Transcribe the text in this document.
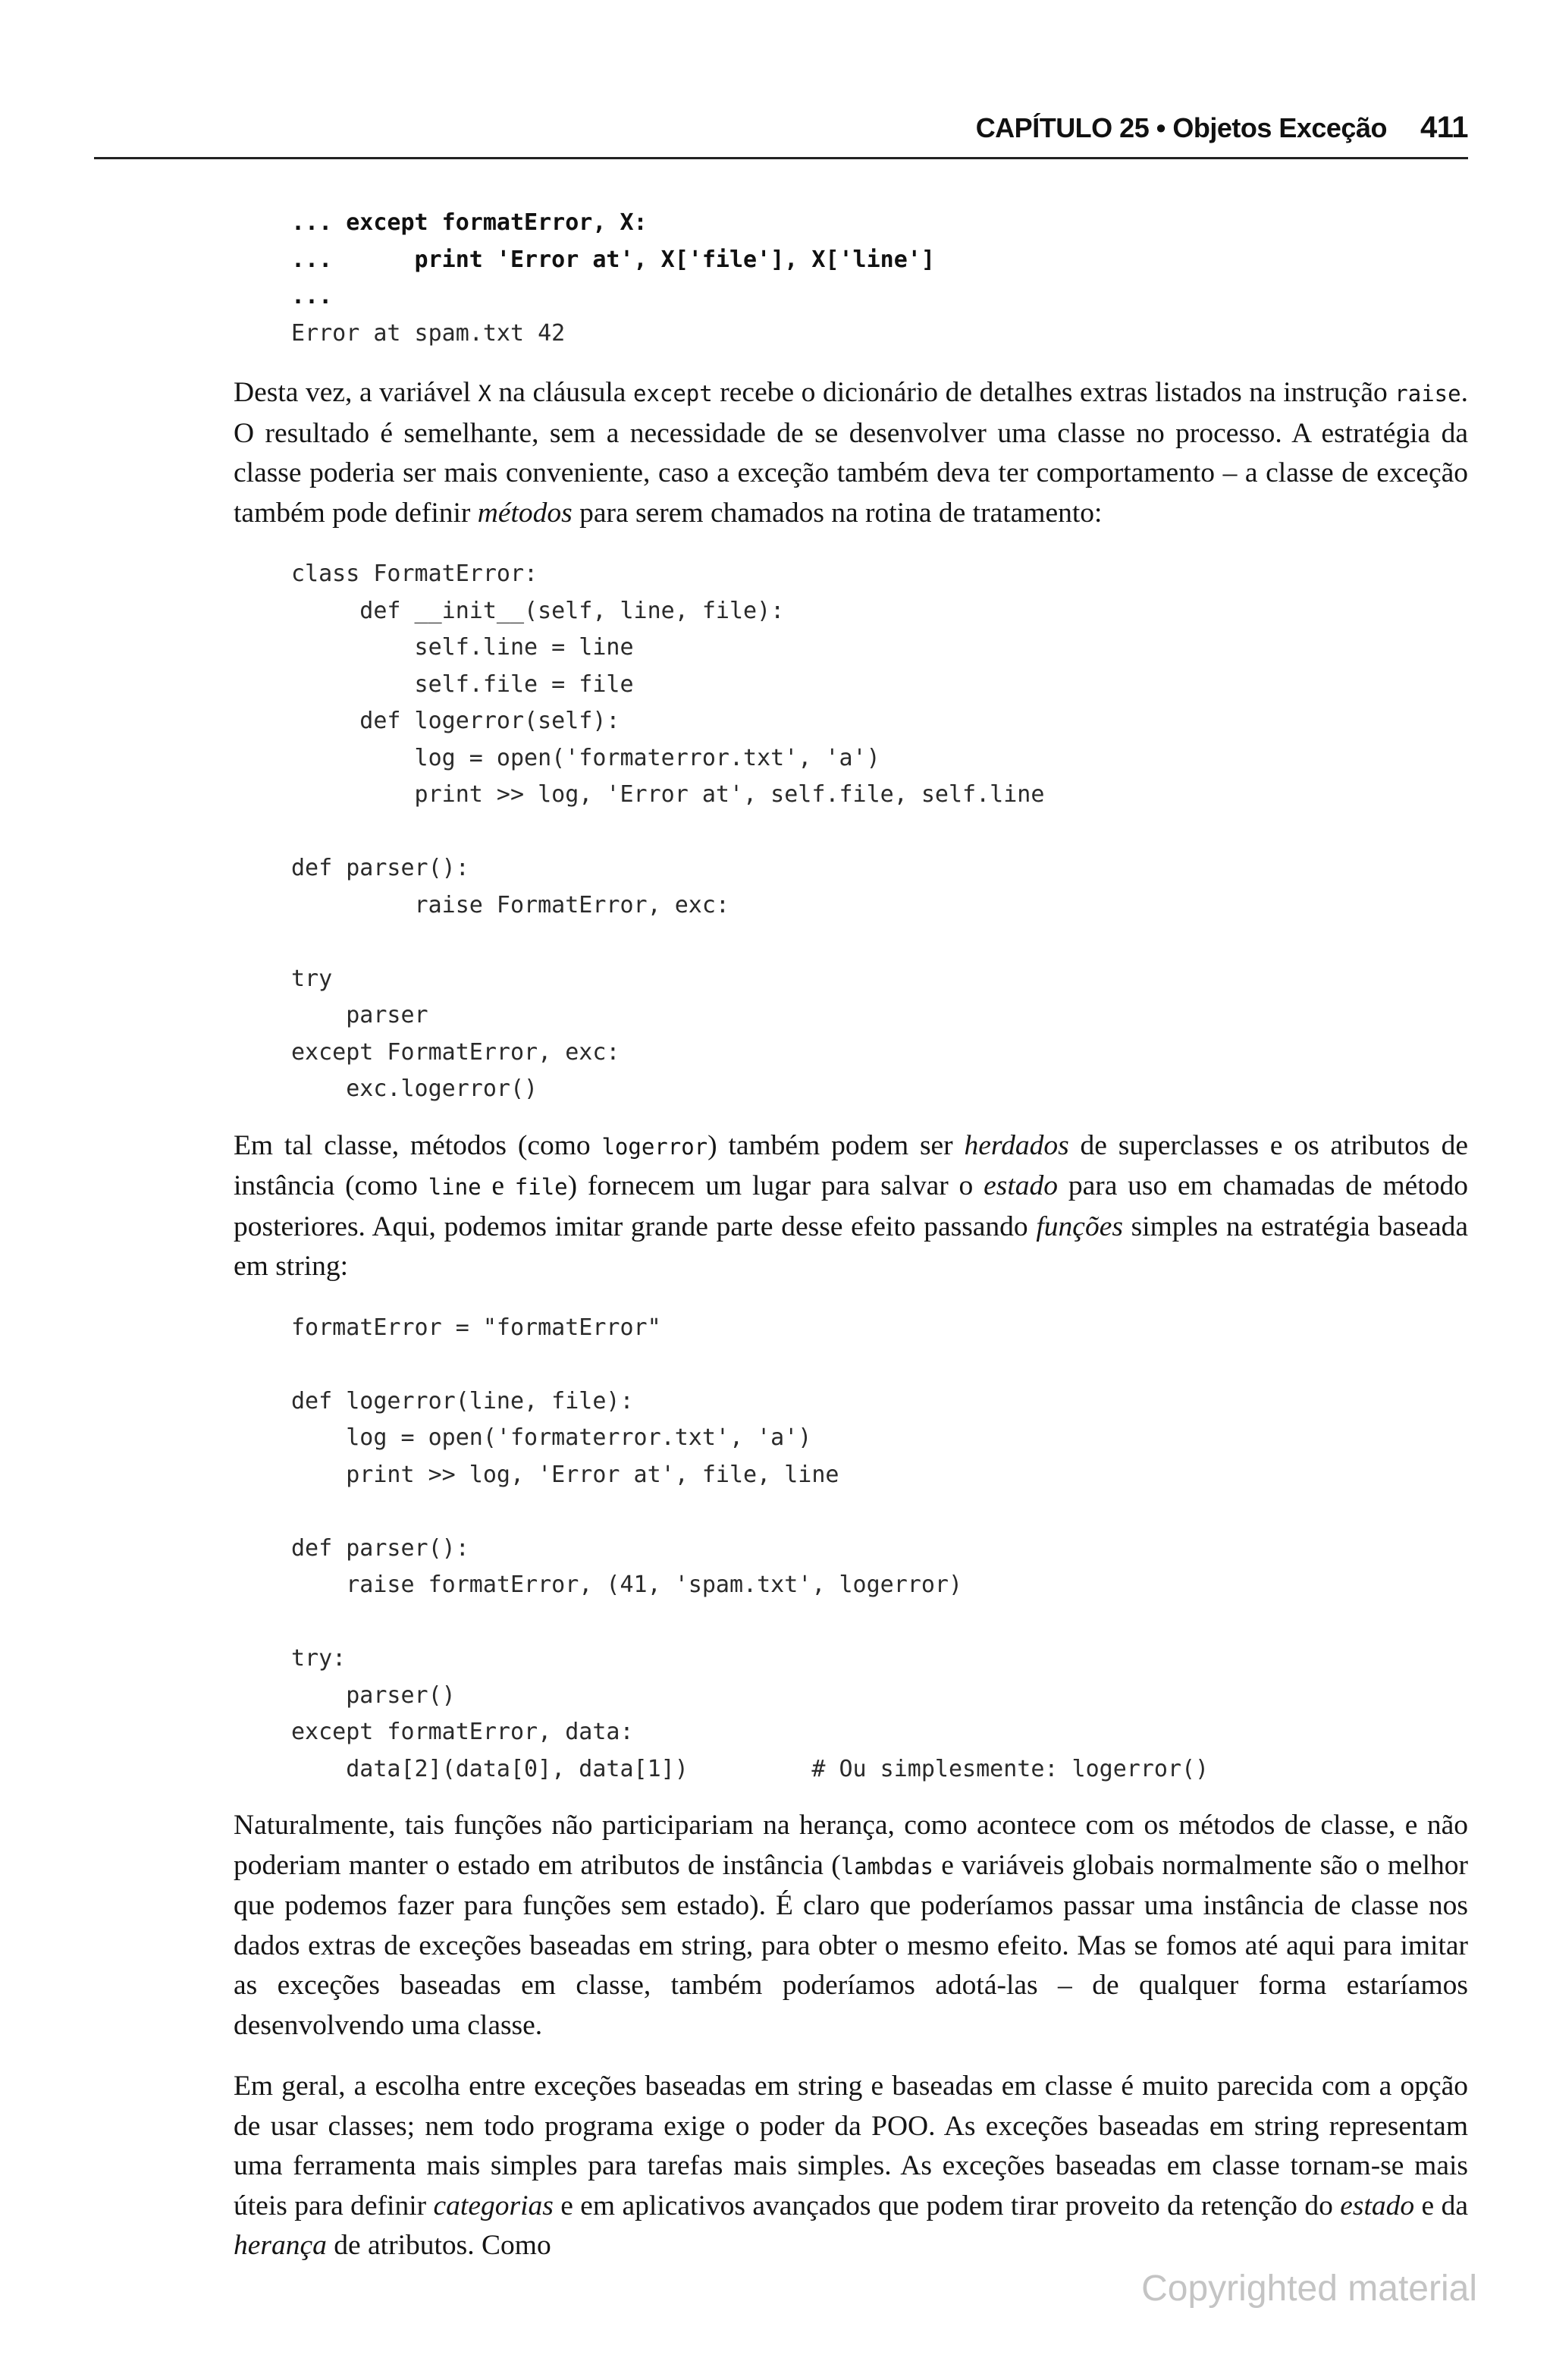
CAPÍTULO 25 • Objetos Exceção 411
... except formatError, X:
...      print 'Error at', X['file'], X['line']
...
Error at spam.txt 42

Desta vez, a variável X na cláusula except recebe o dicionário de detalhes extras listados na instrução raise. O resultado é semelhante, sem a necessidade de se desenvolver uma classe no processo. A estratégia da classe poderia ser mais conveniente, caso a exceção também deva ter comportamento – a classe de exceção também pode definir métodos para serem chamados na rotina de tratamento:

class FormatError:
def __init__(self, line, file):
self.line = line
self.file = file
def logerror(self):
log = open('formaterror.txt', 'a')
print >> log, 'Error at', self.file, self.line

def parser():
raise FormatError, exc:

try
parser
except FormatError, exc:
exc.logerror()

Em tal classe, métodos (como logerror) também podem ser herdados de superclasses e os atributos de instância (como line e file) fornecem um lugar para salvar o estado para uso em chamadas de método posteriores. Aqui, podemos imitar grande parte desse efeito passando funções simples na estratégia baseada em string:

formatError = "formatError"

def logerror(line, file):
log = open('formaterror.txt', 'a')
print >> log, 'Error at', file, line

def parser():
raise formatError, (41, 'spam.txt', logerror)

try:
parser()
except formatError, data:
data[2](data[0], data[1])         # Ou simplesmente: logerror()

Naturalmente, tais funções não participariam na herança, como acontece com os métodos de classe, e não poderiam manter o estado em atributos de instância (lambdas e variáveis globais normalmente são o melhor que podemos fazer para funções sem estado). É claro que poderíamos passar uma instância de classe nos dados extras de exceções baseadas em string, para obter o mesmo efeito. Mas se fomos até aqui para imitar as exceções baseadas em classe, também poderíamos adotá-las – de qualquer forma estaríamos desenvolvendo uma classe.

Em geral, a escolha entre exceções baseadas em string e baseadas em classe é muito parecida com a opção de usar classes; nem todo programa exige o poder da POO. As exceções baseadas em string representam uma ferramenta mais simples para tarefas mais simples. As exceções baseadas em classe tornam-se mais úteis para definir categorias e em aplicativos avançados que podem tirar proveito da retenção do estado e da herança de atributos. Como

Copyrighted material
